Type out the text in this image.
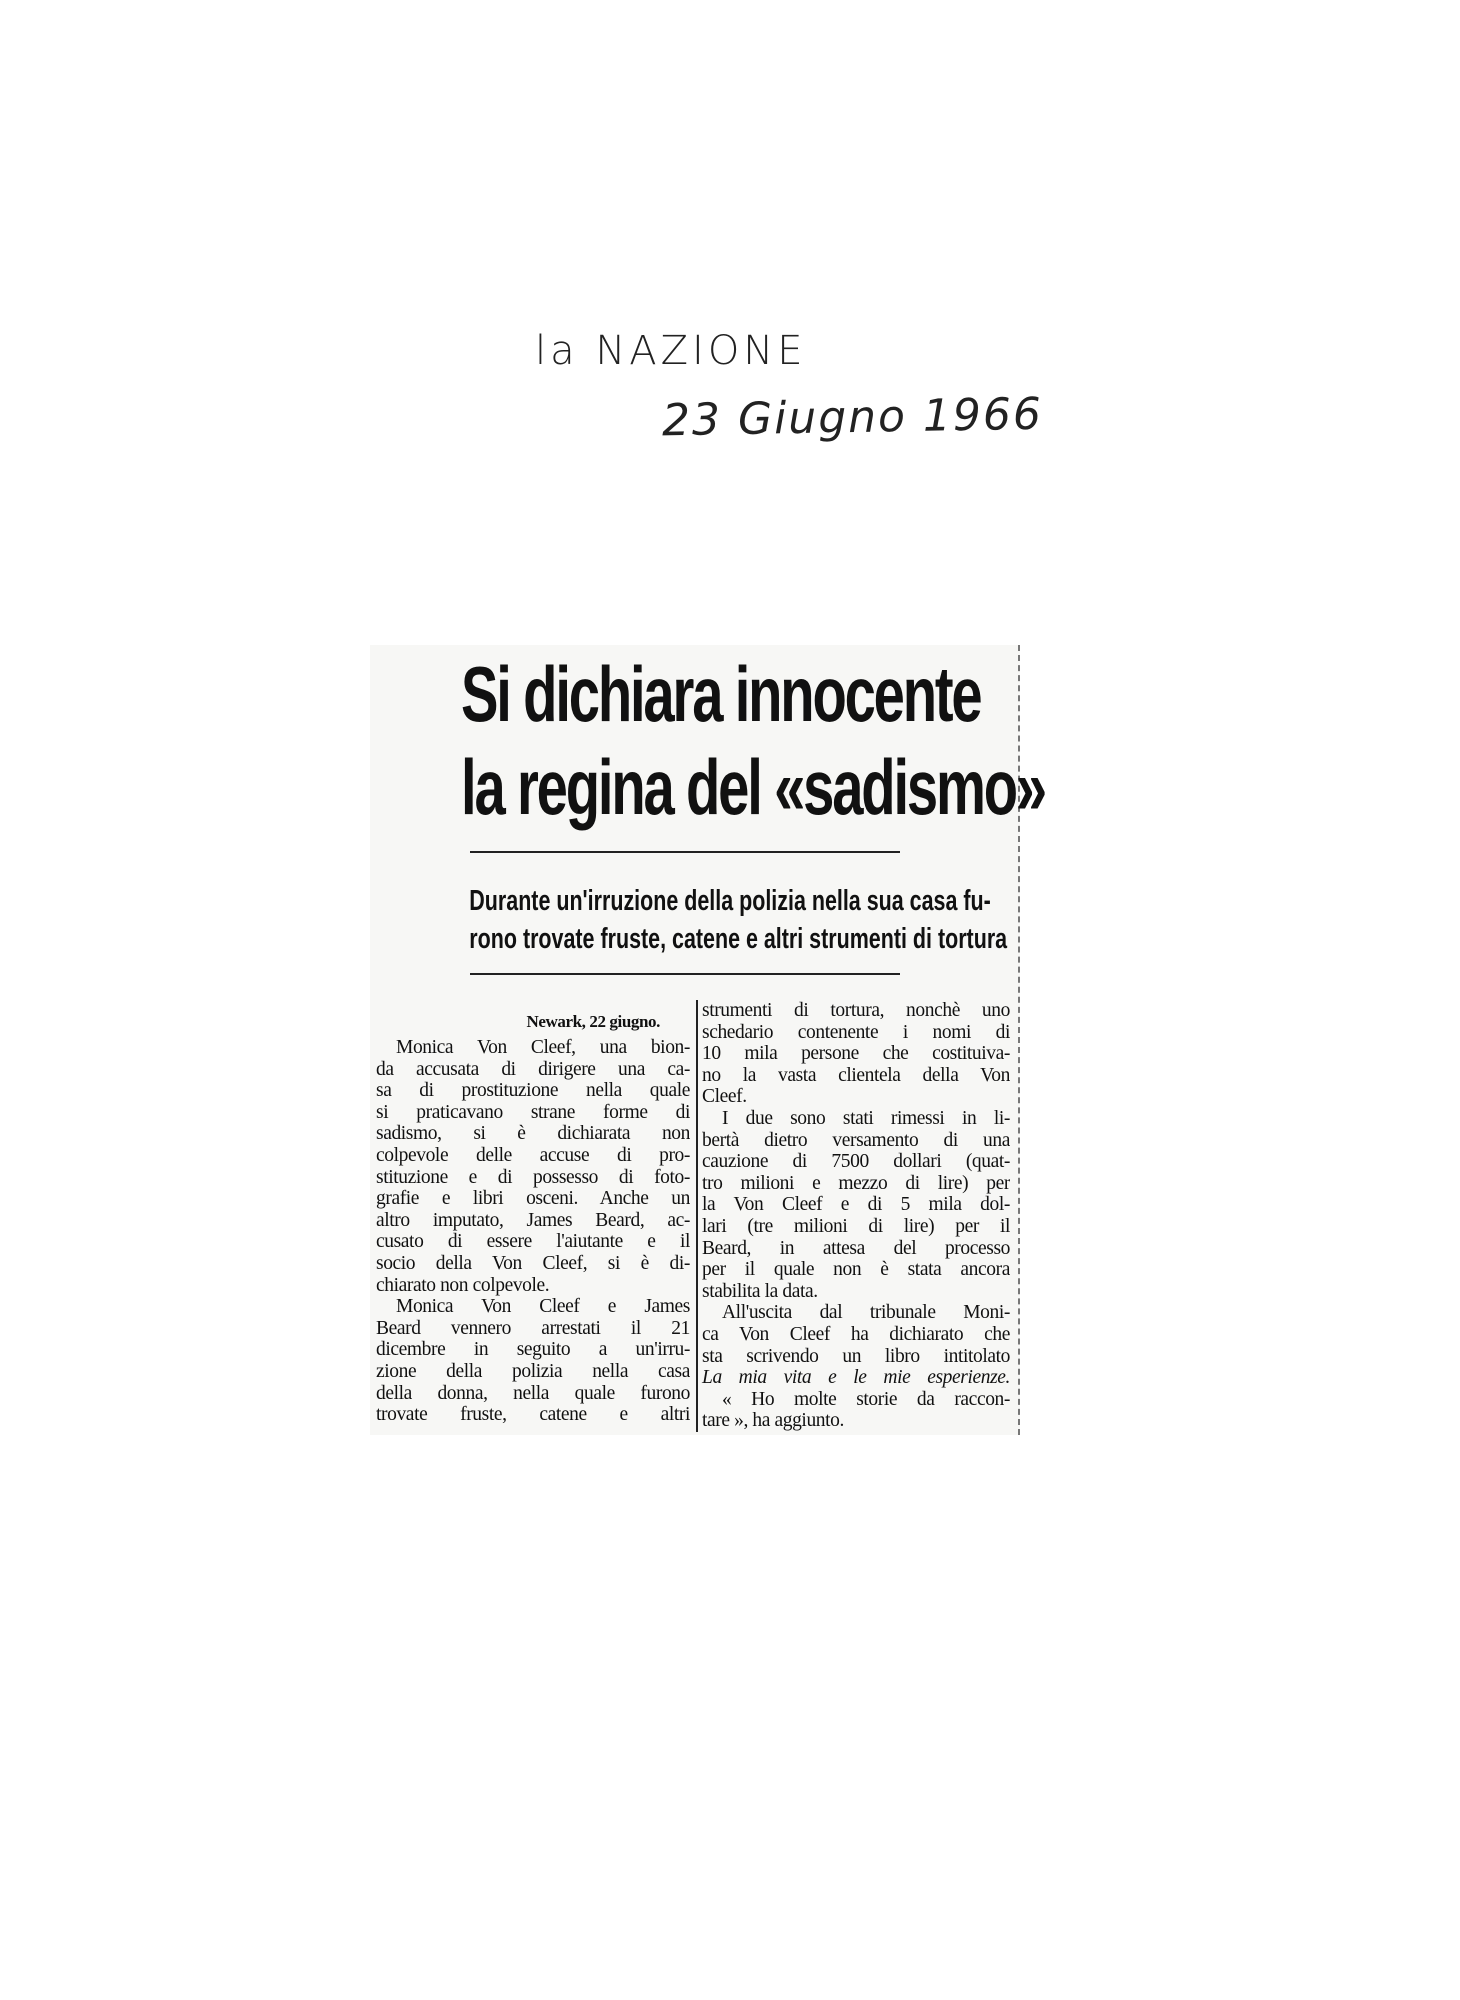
la NAZIONE
23 Giugno 1966
Si dichiara innocente
la regina del «sadismo»
Durante un'irruzione della polizia nella sua casa fu-
rono trovate fruste, catene e altri strumenti di tortura
Newark, 22 giugno.
Monica Von Cleef, una bion-
da accusata di dirigere una ca-
sa di prostituzione nella quale
si praticavano strane forme di
sadismo, si è dichiarata non
colpevole delle accuse di pro-
stituzione e di possesso di foto-
grafie e libri osceni. Anche un
altro imputato, James Beard, ac-
cusato di essere l'aiutante e il
socio della Von Cleef, si è di-
chiarato non colpevole.
Monica Von Cleef e James
Beard vennero arrestati il 21
dicembre in seguito a un'irru-
zione della polizia nella casa
della donna, nella quale furono
trovate fruste, catene e altri
strumenti di tortura, nonchè uno
schedario contenente i nomi di
10 mila persone che costituiva-
no la vasta clientela della Von
Cleef.
I due sono stati rimessi in li-
bertà dietro versamento di una
cauzione di 7500 dollari (quat-
tro milioni e mezzo di lire) per
la Von Cleef e di 5 mila dol-
lari (tre milioni di lire) per il
Beard, in attesa del processo
per il quale non è stata ancora
stabilita la data.
All'uscita dal tribunale Moni-
ca Von Cleef ha dichiarato che
sta scrivendo un libro intitolato
La mia vita e le mie esperienze.
« Ho molte storie da raccon-
tare », ha aggiunto.
